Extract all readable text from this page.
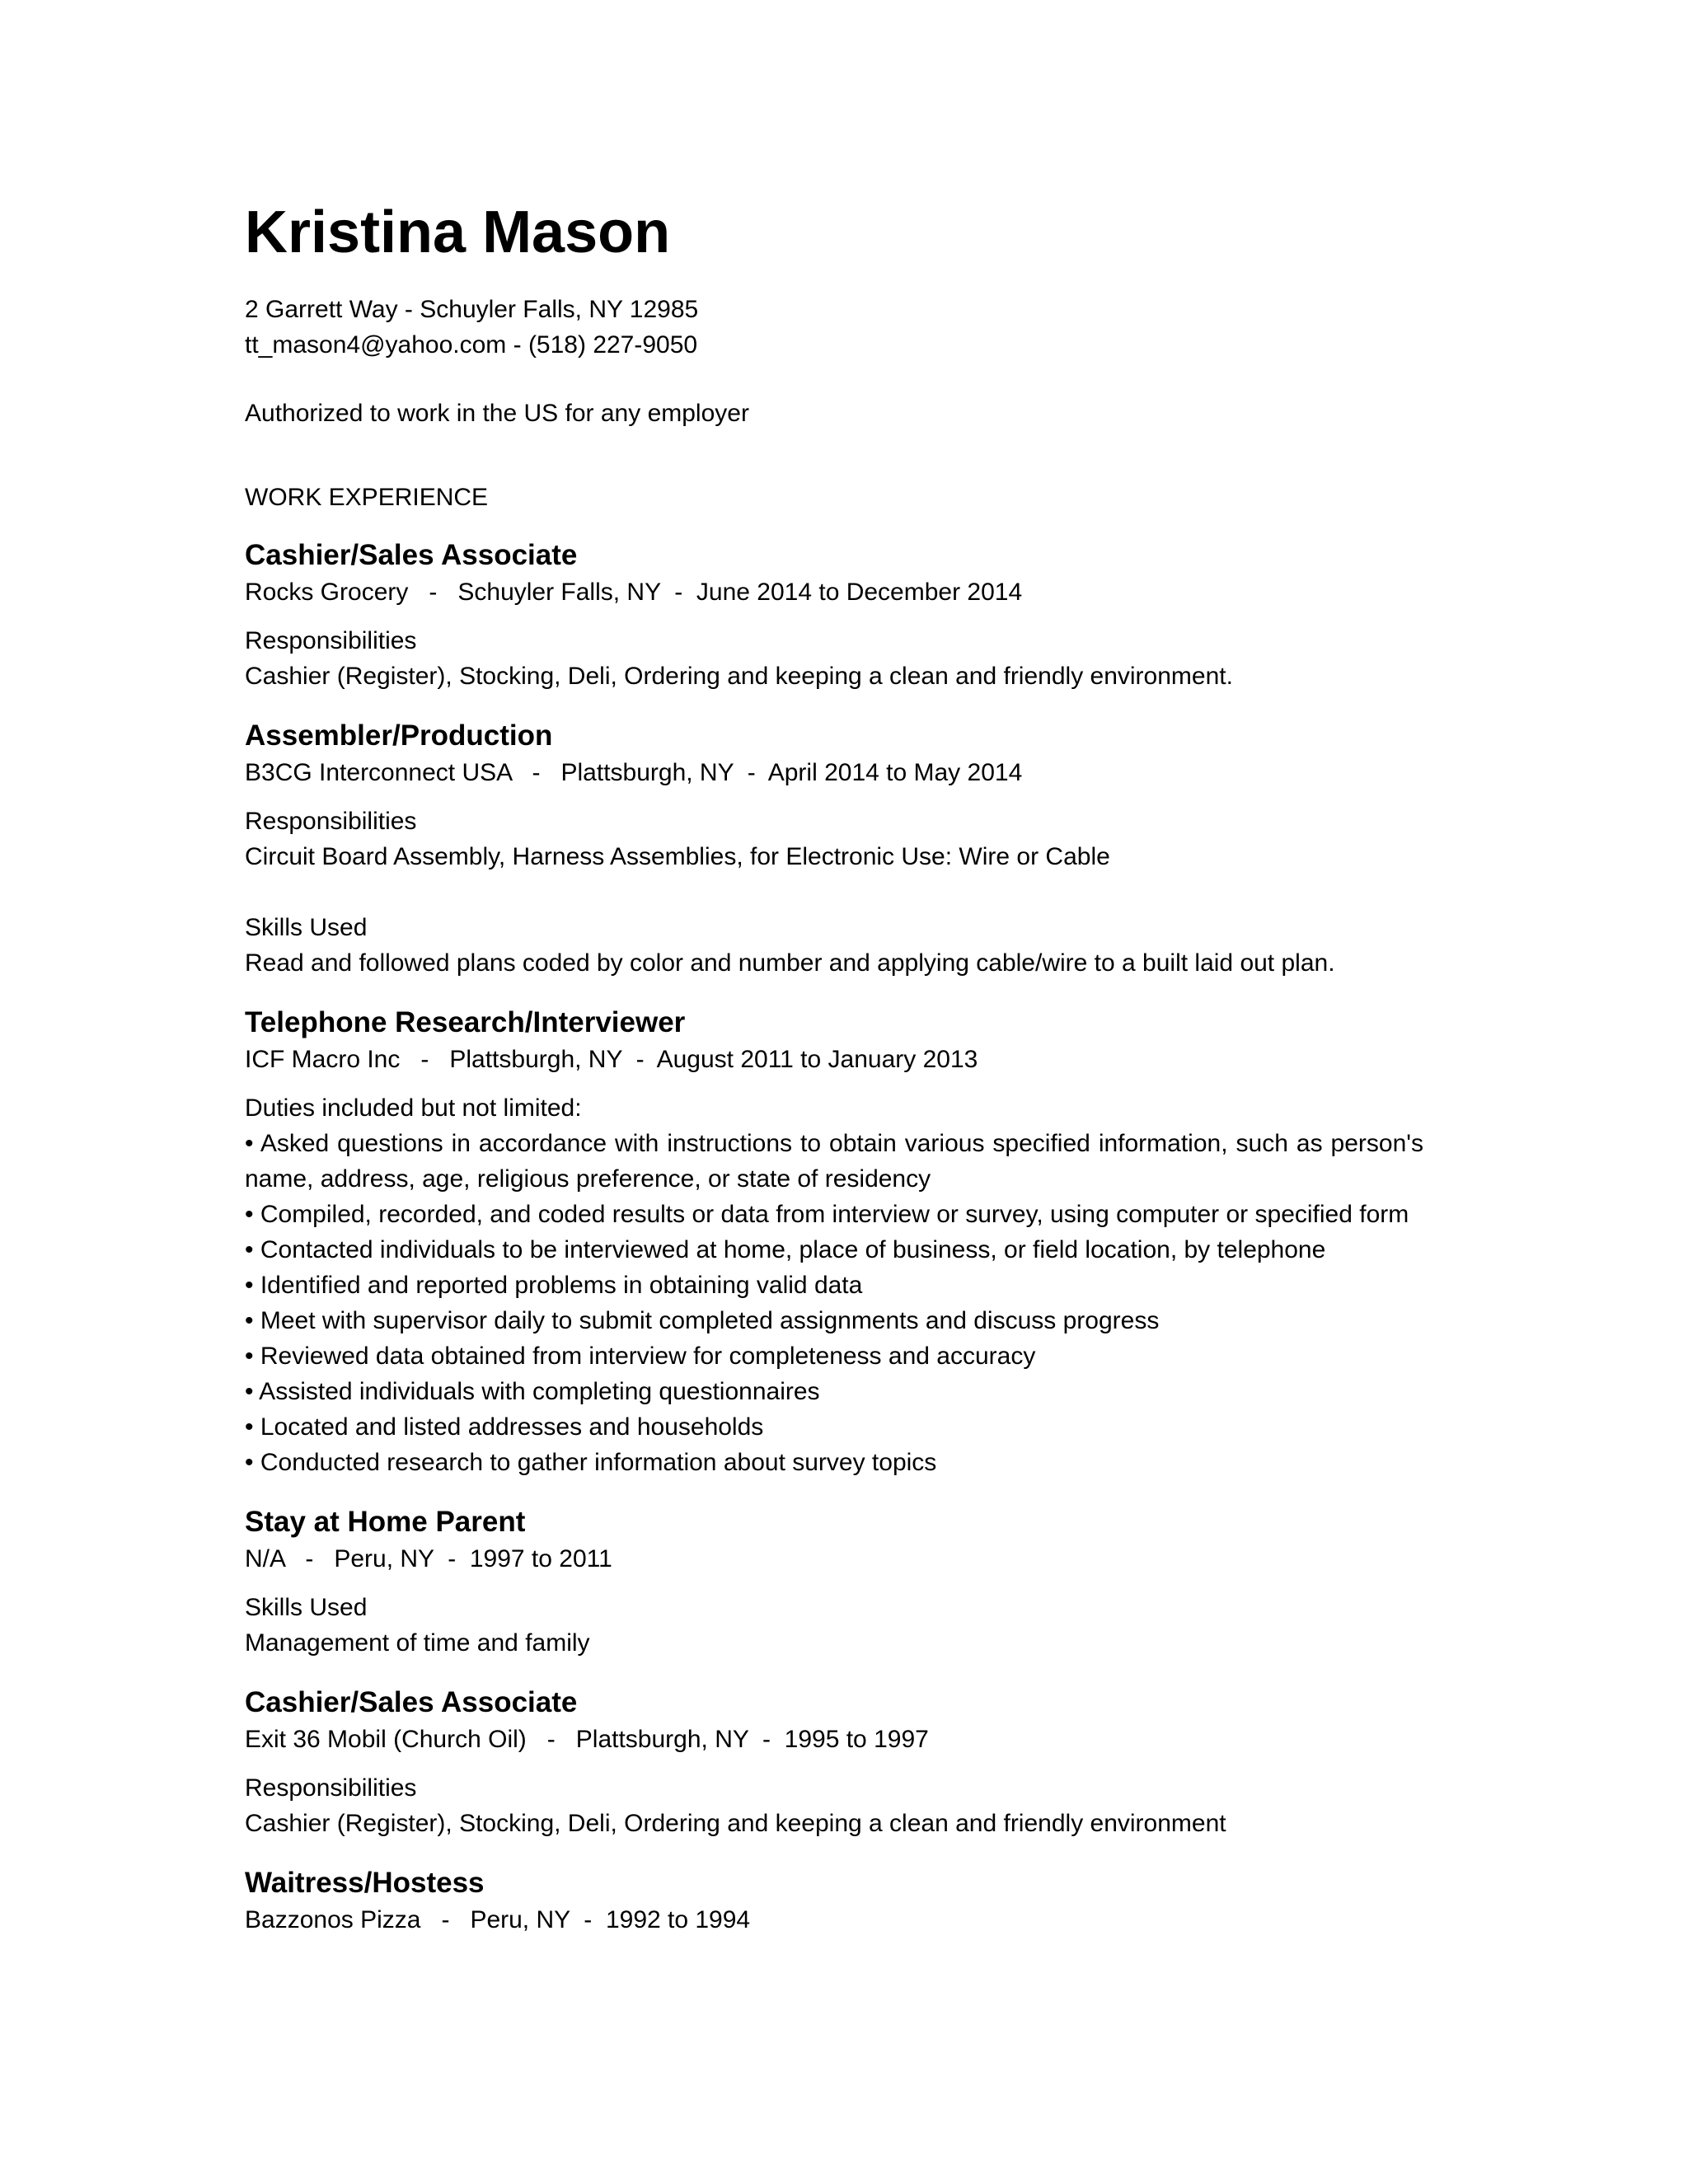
Kristina Mason
2 Garrett Way - Schuyler Falls, NY 12985
tt_mason4@yahoo.com - (518) 227-9050
Authorized to work in the US for any employer
WORK EXPERIENCE
Cashier/Sales Associate
Rocks Grocery   -   Schuyler Falls, NY  -  June 2014 to December 2014
Responsibilities
Cashier (Register), Stocking, Deli, Ordering and keeping a clean and friendly environment.
Assembler/Production
B3CG Interconnect USA   -   Plattsburgh, NY  -  April 2014 to May 2014
Responsibilities
Circuit Board Assembly, Harness Assemblies, for Electronic Use: Wire or Cable
Skills Used
Read and followed plans coded by color and number and applying cable/wire to a built laid out plan.
Telephone Research/Interviewer
ICF Macro Inc   -   Plattsburgh, NY  -  August 2011 to January 2013
Duties included but not limited:
• Asked questions in accordance with instructions to obtain various specified information, such as person's name, address, age, religious preference, or state of residency
• Compiled, recorded, and coded results or data from interview or survey, using computer or specified form
• Contacted individuals to be interviewed at home, place of business, or field location, by telephone
• Identified and reported problems in obtaining valid data
• Meet with supervisor daily to submit completed assignments and discuss progress
• Reviewed data obtained from interview for completeness and accuracy
• Assisted individuals with completing questionnaires
• Located and listed addresses and households
• Conducted research to gather information about survey topics
Stay at Home Parent
N/A   -   Peru, NY  -  1997 to 2011
Skills Used
Management of time and family
Cashier/Sales Associate
Exit 36 Mobil (Church Oil)   -   Plattsburgh, NY  -  1995 to 1997
Responsibilities
Cashier (Register), Stocking, Deli, Ordering and keeping a clean and friendly environment
Waitress/Hostess
Bazzonos Pizza   -   Peru, NY  -  1992 to 1994
